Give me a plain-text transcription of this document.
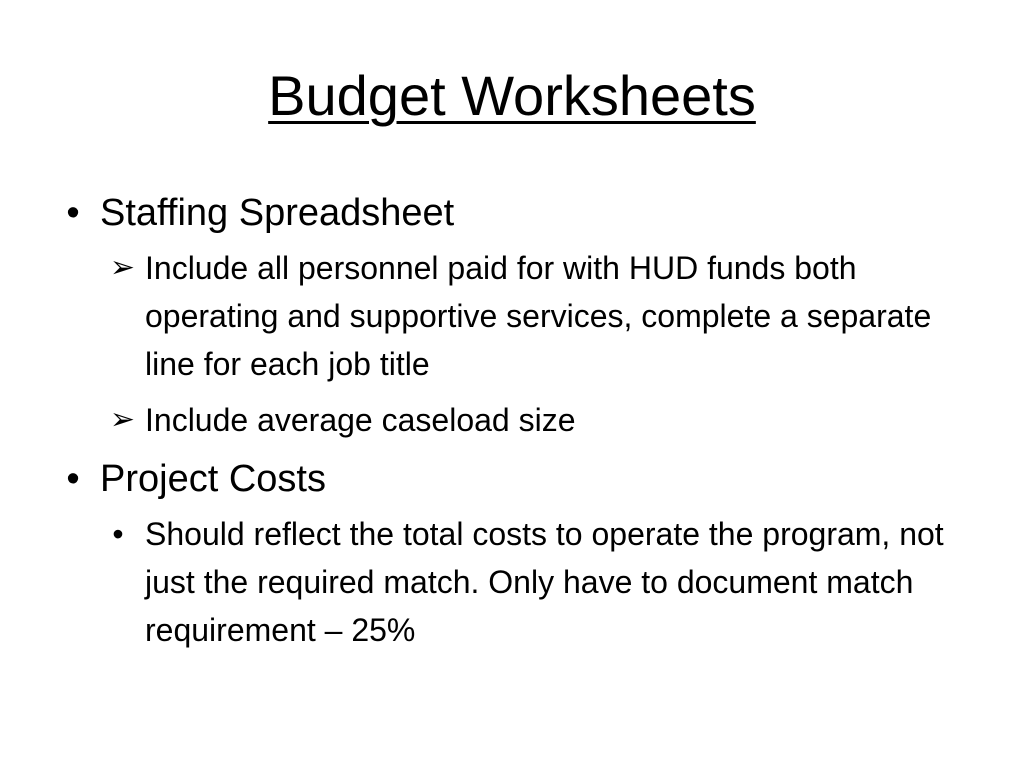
Budget Worksheets
• Staffing Spreadsheet
➢ Include all personnel paid for with HUD funds both operating and supportive services, complete a separate line for each job title
➢ Include average caseload size
• Project Costs
• Should reflect the total costs to operate the program, not just the required match. Only have to document match requirement – 25%
